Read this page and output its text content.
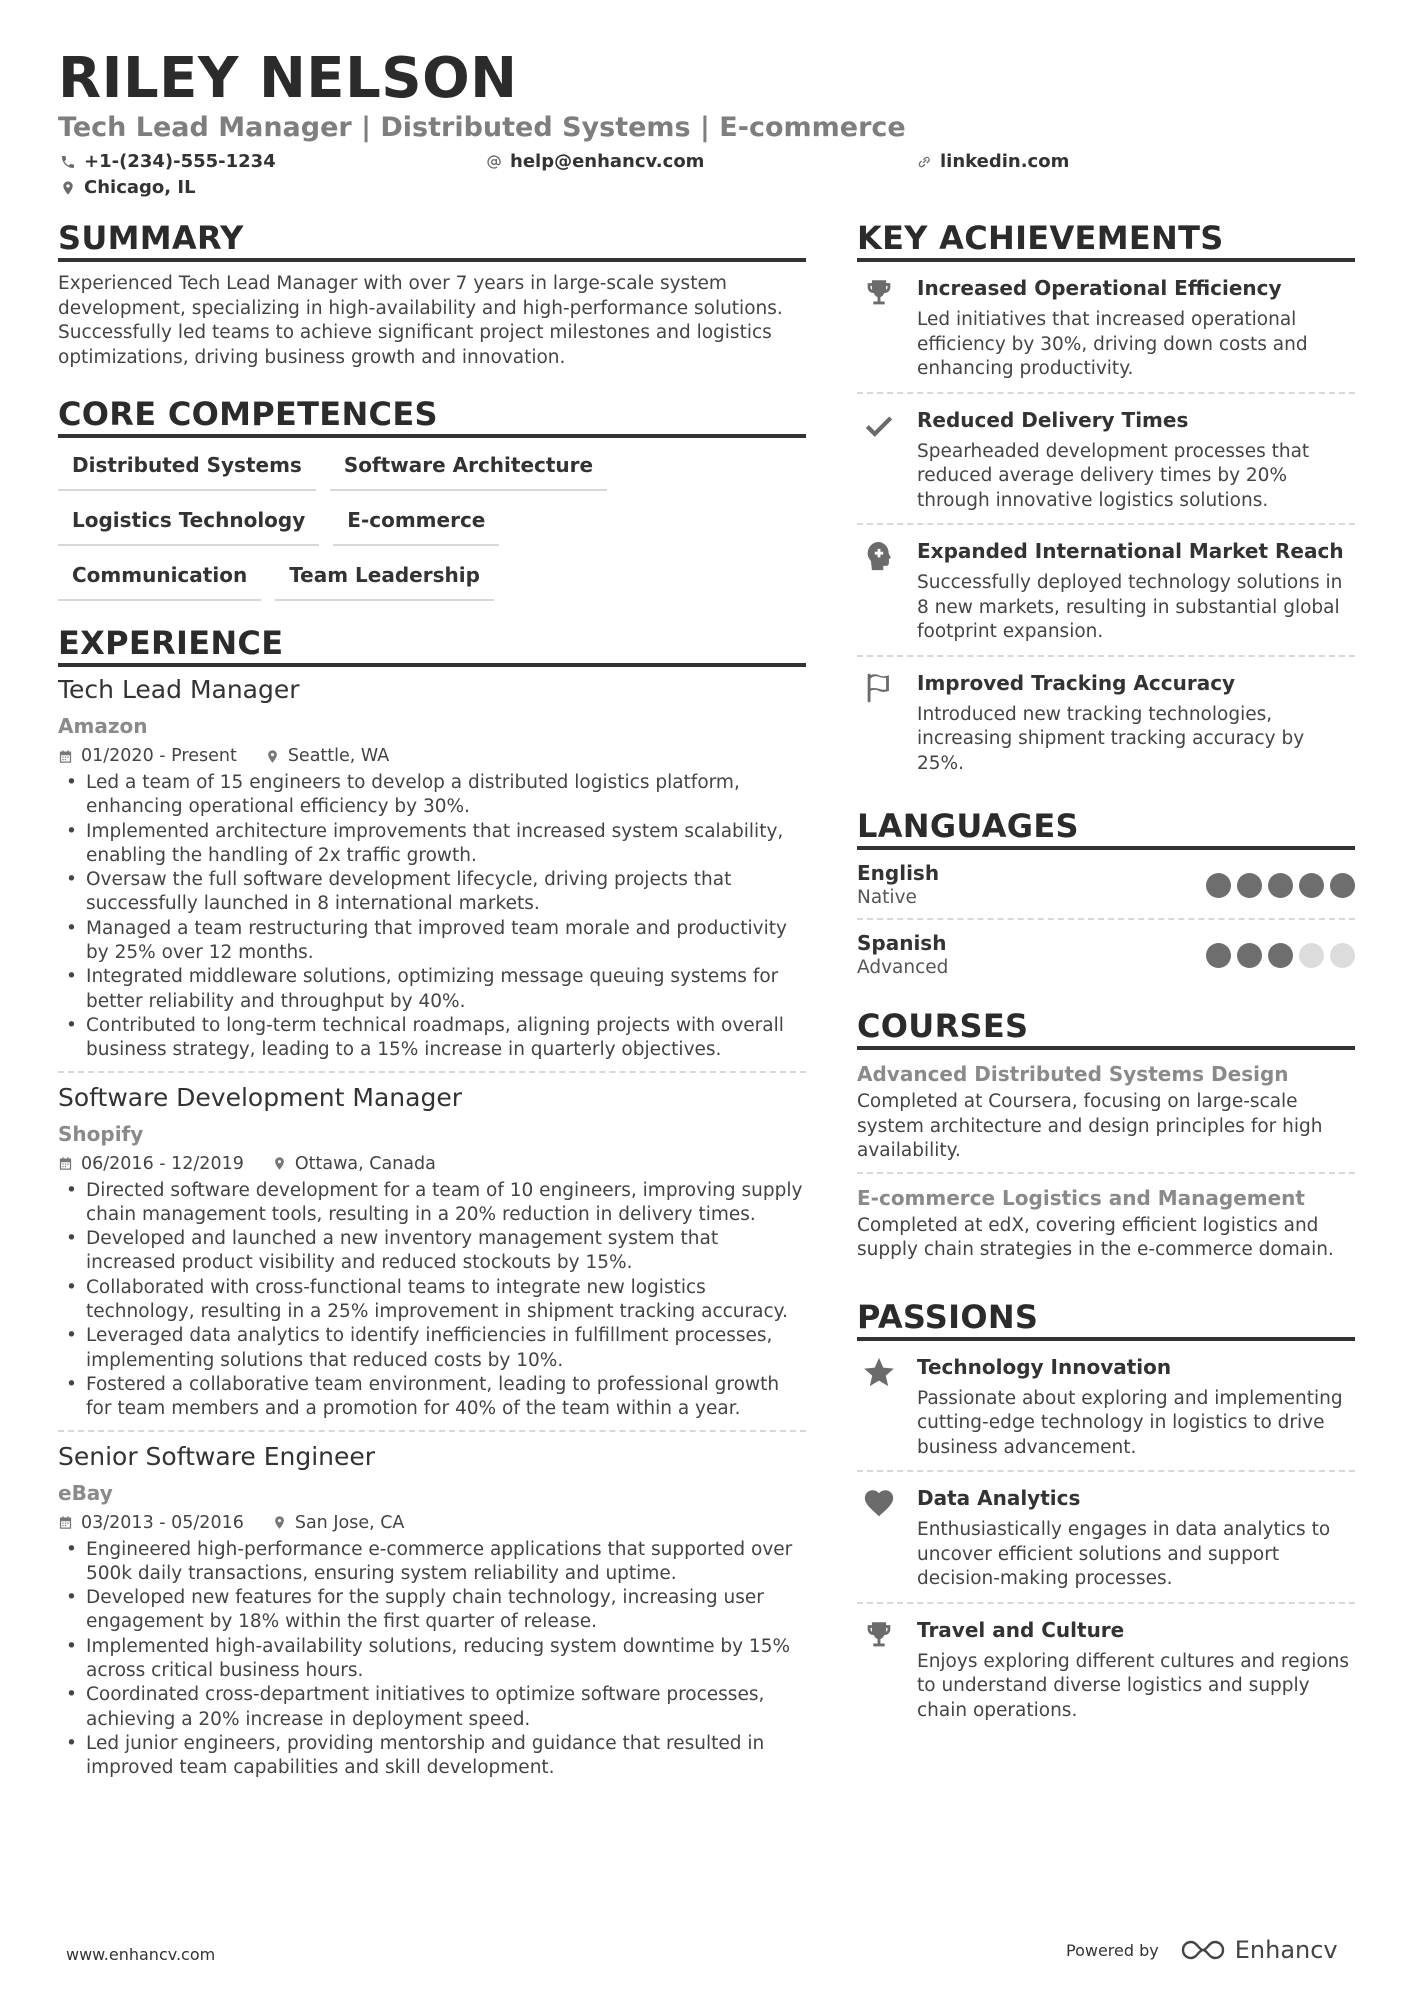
RILEY NELSON
Tech Lead Manager | Distributed Systems | E-commerce
+1-(234)-555-1234	help@enhancv.com	linkedin.com
Chicago, IL
SUMMARY
Experienced Tech Lead Manager with over 7 years in large-scale system development, specializing in high-availability and high-performance solutions. Successfully led teams to achieve significant project milestones and logistics optimizations, driving business growth and innovation.
CORE COMPETENCES
Distributed Systems	Software Architecture
Logistics Technology	E-commerce
Communication	Team Leadership
EXPERIENCE
Tech Lead Manager
Amazon
01/2020 - Present	Seattle, WA
• Led a team of 15 engineers to develop a distributed logistics platform, enhancing operational efficiency by 30%.
• Implemented architecture improvements that increased system scalability, enabling the handling of 2x traffic growth.
• Oversaw the full software development lifecycle, driving projects that successfully launched in 8 international markets.
• Managed a team restructuring that improved team morale and productivity by 25% over 12 months.
• Integrated middleware solutions, optimizing message queuing systems for better reliability and throughput by 40%.
• Contributed to long-term technical roadmaps, aligning projects with overall business strategy, leading to a 15% increase in quarterly objectives.
Software Development Manager
Shopify
06/2016 - 12/2019	Ottawa, Canada
• Directed software development for a team of 10 engineers, improving supply chain management tools, resulting in a 20% reduction in delivery times.
• Developed and launched a new inventory management system that increased product visibility and reduced stockouts by 15%.
• Collaborated with cross-functional teams to integrate new logistics technology, resulting in a 25% improvement in shipment tracking accuracy.
• Leveraged data analytics to identify inefficiencies in fulfillment processes, implementing solutions that reduced costs by 10%.
• Fostered a collaborative team environment, leading to professional growth for team members and a promotion for 40% of the team within a year.
Senior Software Engineer
eBay
03/2013 - 05/2016	San Jose, CA
• Engineered high-performance e-commerce applications that supported over 500k daily transactions, ensuring system reliability and uptime.
• Developed new features for the supply chain technology, increasing user engagement by 18% within the first quarter of release.
• Implemented high-availability solutions, reducing system downtime by 15% across critical business hours.
• Coordinated cross-department initiatives to optimize software processes, achieving a 20% increase in deployment speed.
• Led junior engineers, providing mentorship and guidance that resulted in improved team capabilities and skill development.
KEY ACHIEVEMENTS
Increased Operational Efficiency
Led initiatives that increased operational efficiency by 30%, driving down costs and enhancing productivity.
Reduced Delivery Times
Spearheaded development processes that reduced average delivery times by 20% through innovative logistics solutions.
Expanded International Market Reach
Successfully deployed technology solutions in 8 new markets, resulting in substantial global footprint expansion.
Improved Tracking Accuracy
Introduced new tracking technologies, increasing shipment tracking accuracy by 25%.
LANGUAGES
English
Native
Spanish
Advanced
COURSES
Advanced Distributed Systems Design
Completed at Coursera, focusing on large-scale system architecture and design principles for high availability.
E-commerce Logistics and Management
Completed at edX, covering efficient logistics and supply chain strategies in the e-commerce domain.
PASSIONS
Technology Innovation
Passionate about exploring and implementing cutting-edge technology in logistics to drive business advancement.
Data Analytics
Enthusiastically engages in data analytics to uncover efficient solutions and support decision-making processes.
Travel and Culture
Enjoys exploring different cultures and regions to understand diverse logistics and supply chain operations.
www.enhancv.com	Powered by	Enhancv
